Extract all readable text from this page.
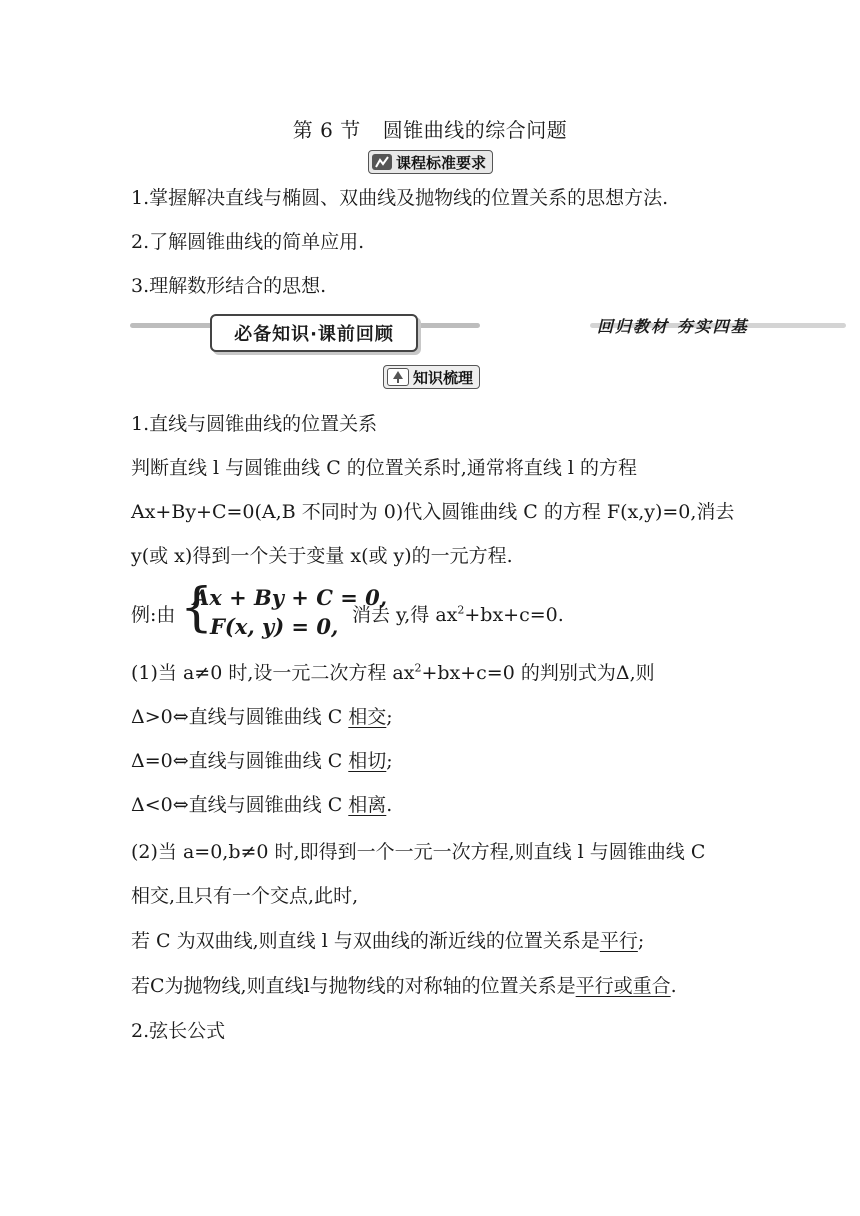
第 6 节 圆锥曲线的综合问题
课程标准要求
1.掌握解决直线与椭圆、双曲线及抛物线的位置关系的思想方法.
2.了解圆锥曲线的简单应用.
3.理解数形结合的思想.
必备知识·课前回顾	回归教材 夯实四基
知识梳理
1.直线与圆锥曲线的位置关系
判断直线 l 与圆锥曲线 C 的位置关系时,通常将直线 l 的方程
Ax+By+C=0(A,B 不同时为 0)代入圆锥曲线 C 的方程 F(x,y)=0,消去
y(或 x)得到一个关于变量 x(或 y)的一元方程.
例:由 {
Ax + By + C = 0,
F(x, y) = 0, 消去 y,得 $ax^2+bx+c=0$.
(1)当 a≠0 时,设一元二次方程 $ax^2+bx+c=0$ 的判别式为Δ,则
Δ>0⇔直线与圆锥曲线 C 相交;
Δ=0⇔直线与圆锥曲线 C 相切;
Δ<0⇔直线与圆锥曲线 C 相离.
(2)当 a=0,b≠0 时,即得到一个一元一次方程,则直线 l 与圆锥曲线 C
相交,且只有一个交点,此时,
若 C 为双曲线,则直线 l 与双曲线的渐近线的位置关系是平行;
若C为抛物线,则直线l与抛物线的对称轴的位置关系是平行或重合.
2.弦长公式
